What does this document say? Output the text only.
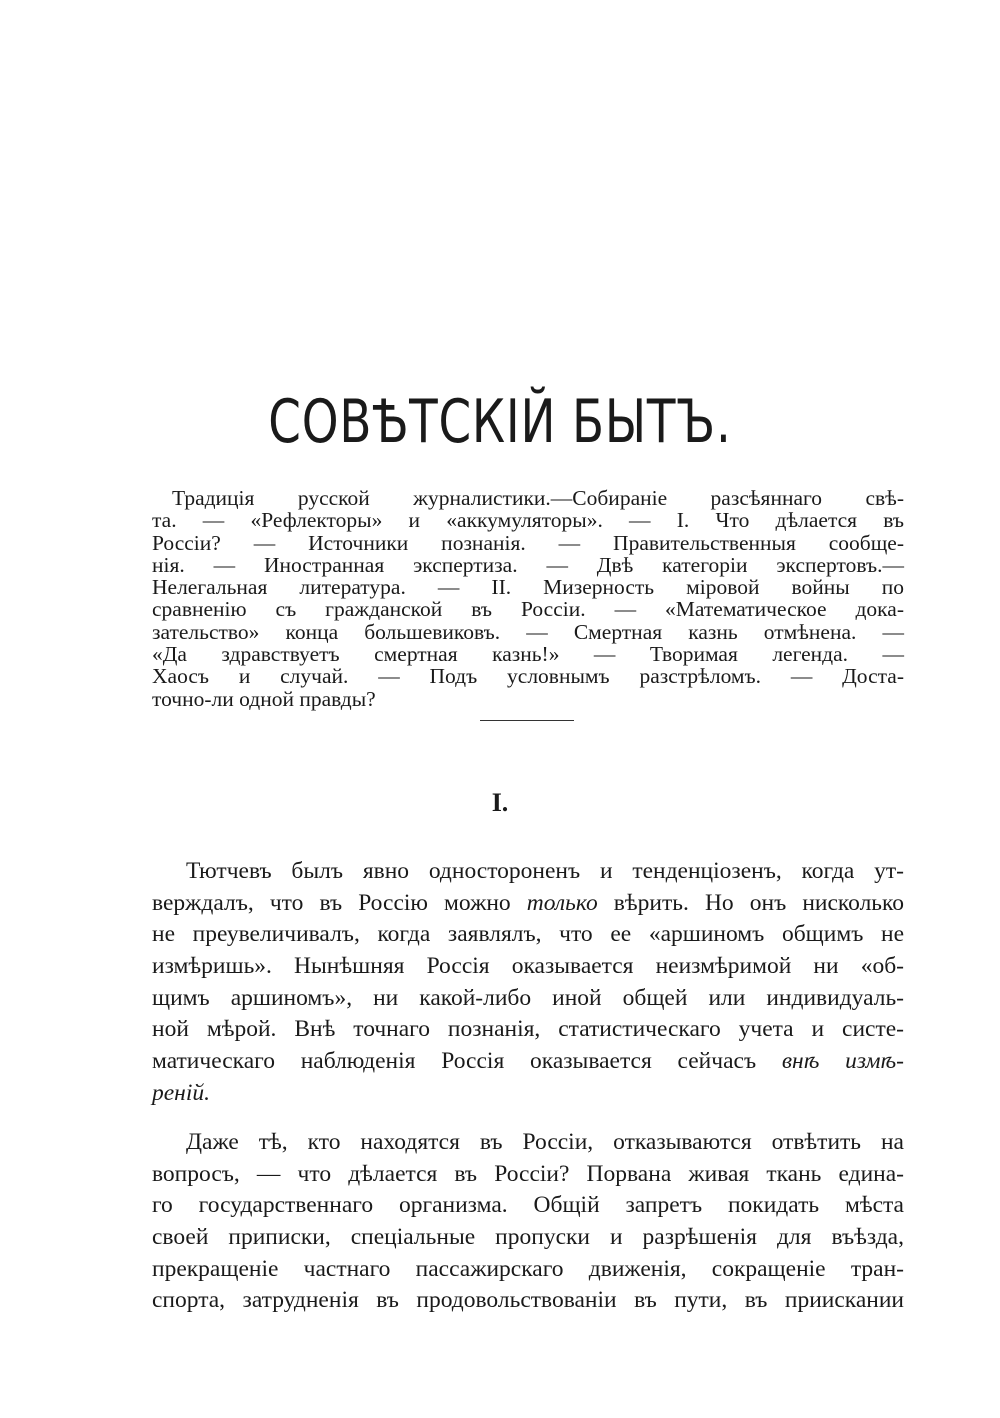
СОВѢТСКІЙ БЫТЪ.
Традиція русской журналистики.—Собираніе разсѣяннаго свѣ-
та. — «Рефлекторы» и «аккумуляторы». — I. Что дѣлается въ
Россіи? — Источники познанія. — Правительственныя сообще-
нія. — Иностранная экспертиза. — Двѣ категоріи экспертовъ.—
Нелегальная литература. — II. Мизерность міровой войны по
сравненію съ гражданской въ Россіи. — «Математическое дока-
зательство» конца большевиковъ. — Смертная казнь отмѣнена. —
«Да здравствуетъ смертная казнь!» — Творимая легенда. —
Хаосъ и случай. — Подъ условнымъ разстрѣломъ. — Доста-
точно-ли одной правды?
I.
Тютчевъ былъ явно одностороненъ и тенденціозенъ, когда ут-
верждалъ, что въ Россію можно только вѣрить. Но онъ нисколько
не преувеличивалъ, когда заявлялъ, что ее «аршиномъ общимъ не
измѣришь». Нынѣшняя Россія оказывается неизмѣримой ни «об-
щимъ аршиномъ», ни какой-либо иной общей или индивидуаль-
ной мѣрой. Внѣ точнаго познанія, статистическаго учета и систе-
матическаго наблюденія Россія оказывается сейчасъ внѣ измѣ-
реній.
Даже тѣ, кто находятся въ Россіи, отказываются отвѣтить на
вопросъ, — что дѣлается въ Россіи? Порвана живая ткань едина-
го государственнаго организма. Общій запретъ покидать мѣста
своей приписки, спеціальные пропуски и разрѣшенія для въѣзда,
прекращеніе частнаго пассажирскаго движенія, сокращеніе тран-
спорта, затрудненія въ продовольствованіи въ пути, въ приискании
